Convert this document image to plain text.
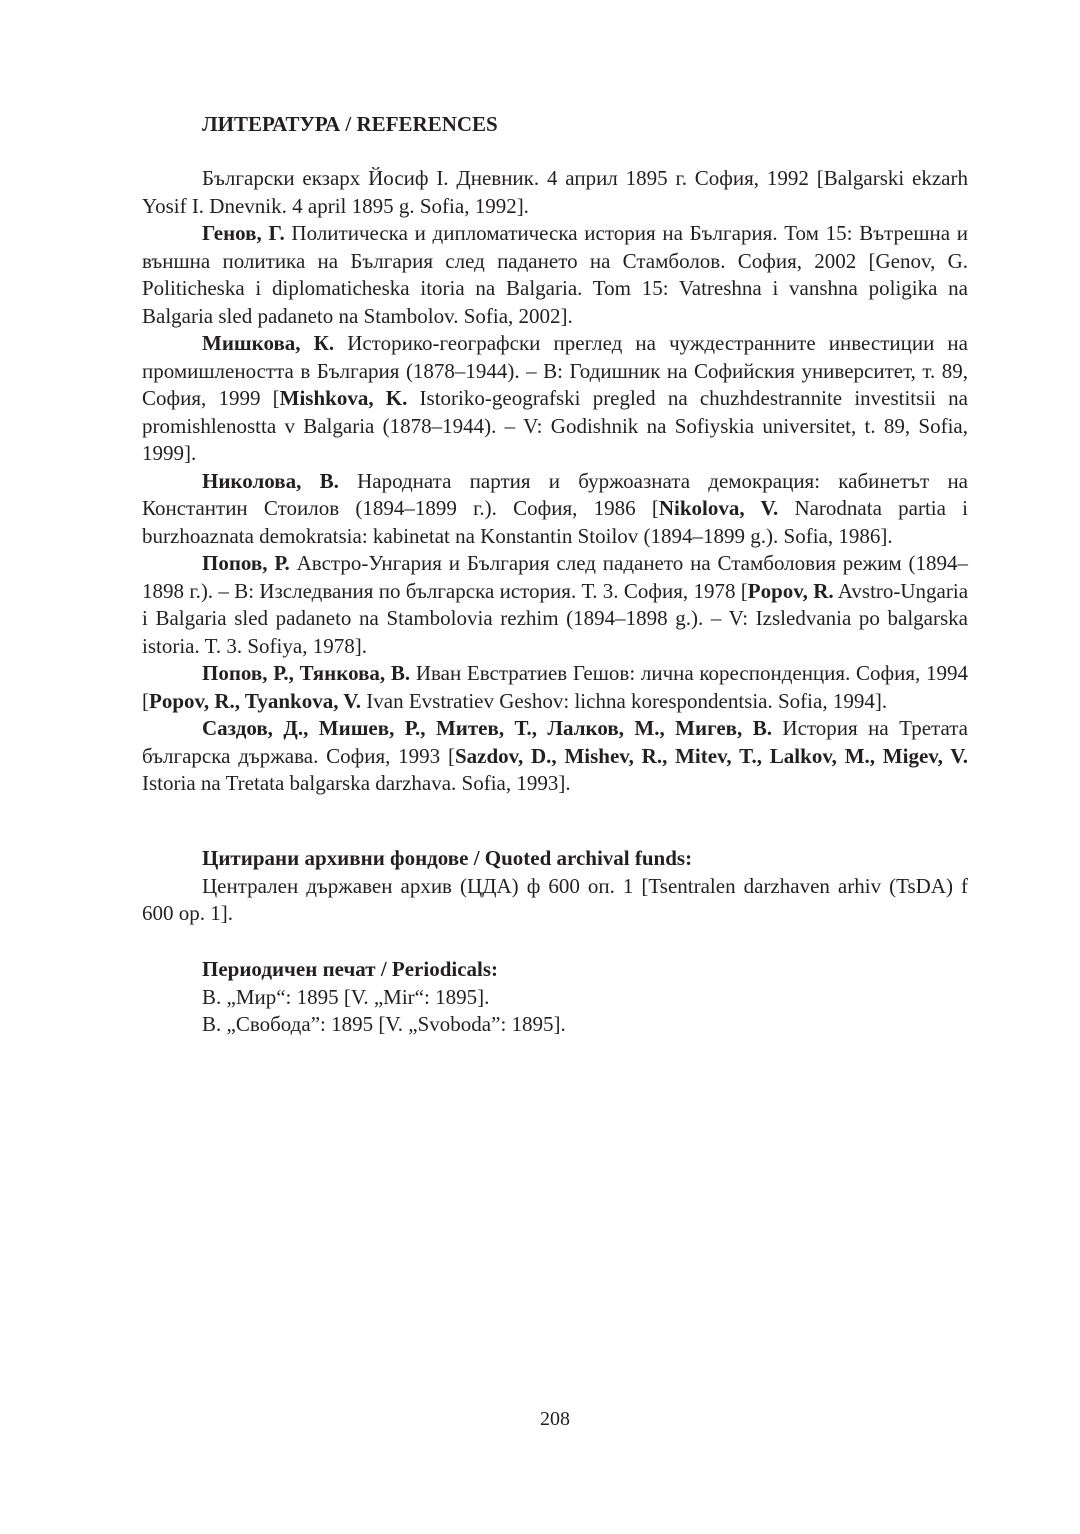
ЛИТЕРАТУРА / REFERENCES

Български екзарх Йосиф I. Дневник. 4 април 1895 г. София, 1992 [Balgarski ekzarh Yosif I. Dnevnik. 4 april 1895 g. Sofia, 1992].

Генов, Г. Политическа и дипломатическа история на България. Том 15: Вътрешна и външна политика на България след падането на Стамболов. София, 2002 [Genov, G. Politicheska i diplomaticheska itoria na Balgaria. Tom 15: Vatreshna i vanshna poligika na Balgaria sled padaneto na Stambolov. Sofia, 2002].

Мишкова, К. Историко-географски преглед на чуждестранните инвестиции на промишлеността в България (1878–1944). – В: Годишник на Софийския университет, т. 89, София, 1999 [Mishkova, K. Istoriko-geografski pregled na chuzhdestrannite investitsii na promishlenostta v Balgaria (1878–1944). – V: Godishnik na Sofiyskia universitet, t. 89, Sofia, 1999].

Николова, В. Народната партия и буржоазната демокрация: кабинетът на Константин Стоилов (1894–1899 г.). София, 1986 [Nikolova, V. Narodnata partia i burzhoaznata demokratsia: kabinetat na Konstantin Stoilov (1894–1899 g.). Sofia, 1986].

Попов, Р. Австро-Унгария и България след падането на Стамболовия режим (1894–1898 г.). – В: Изследвания по българска история. Т. 3. София, 1978 [Popov, R. Avstro-Ungaria i Balgaria sled padaneto na Stambolovia rezhim (1894–1898 g.). – V: Izsledvania po balgarska istoria. T. 3. Sofiya, 1978].

Попов, Р., Тянкова, В. Иван Евстратиев Гешов: лична кореспонденция. София, 1994 [Popov, R., Tyankova, V. Ivan Evstratiev Geshov: lichna korespondentsia. Sofia, 1994].

Саздов, Д., Мишев, Р., Митев, Т., Лалков, М., Мигев, В. История на Третата българска държава. София, 1993 [Sazdov, D., Mishev, R., Mitev, T., Lalkov, M., Migev, V. Istoria na Tretata balgarska darzhava. Sofia, 1993].

Цитирани архивни фондове / Quoted archival funds:

Централен държавен архив (ЦДА) ф 600 оп. 1 [Tsentralen darzhaven arhiv (TsDA) f 600 op. 1].

Периодичен печат / Periodicals:

В. „Мир“: 1895 [V. „Mir“: 1895].

В. „Свобода”: 1895 [V. „Svoboda”: 1895].

208
